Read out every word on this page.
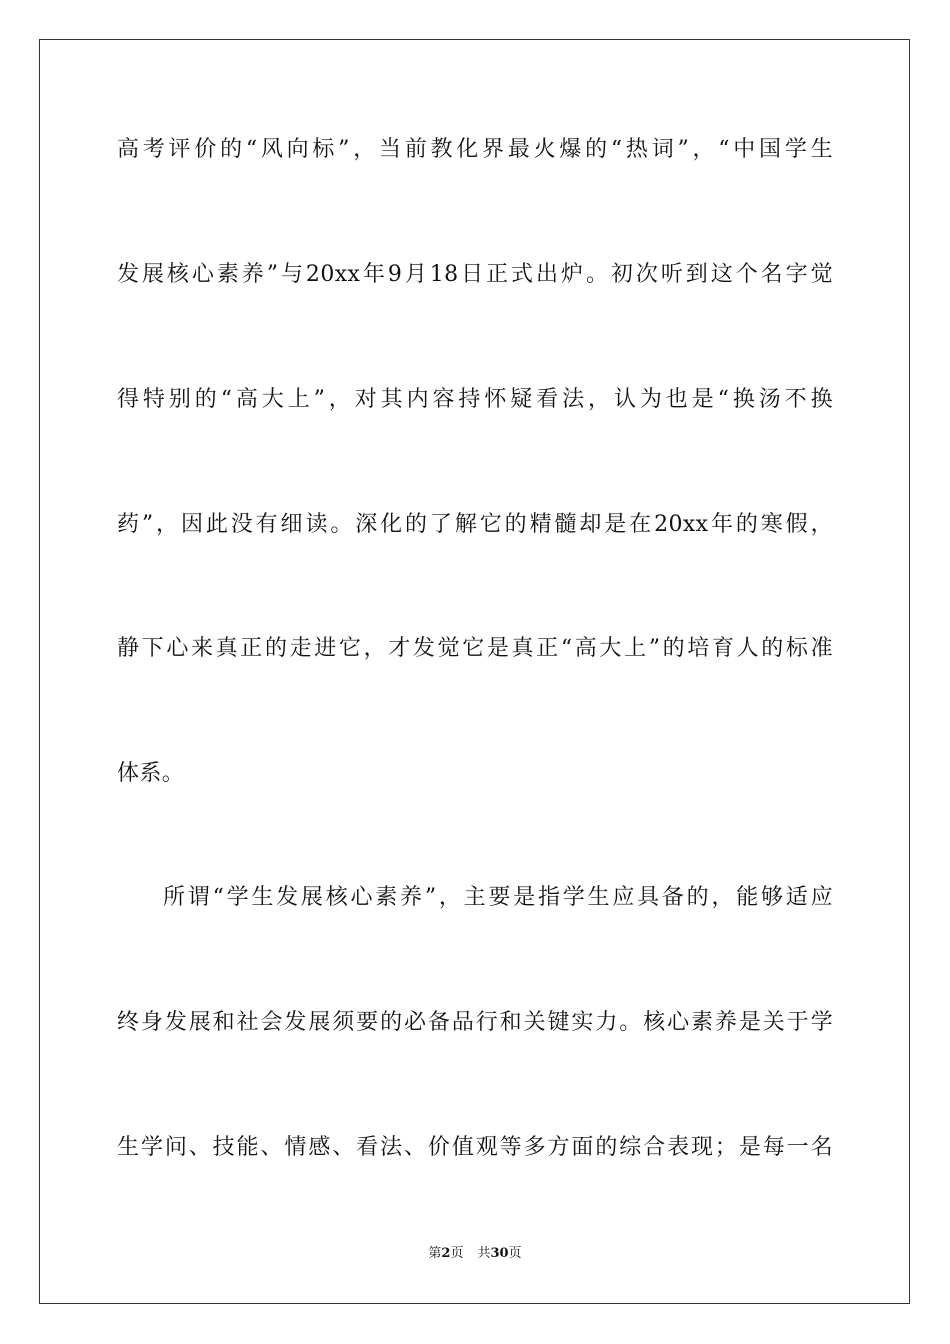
高考评价的“风向标”，当前教化界最火爆的“热词”，“中国学生
发展核心素养”与20xx年9月18日正式出炉。初次听到这个名字觉
得特别的“高大上”，对其内容持怀疑看法，认为也是“换汤不换
药”，因此没有细读。深化的了解它的精髓却是在20xx年的寒假，
静下心来真正的走进它，才发觉它是真正“高大上”的培育人的标准
体系。
所谓“学生发展核心素养”，主要是指学生应具备的，能够适应
终身发展和社会发展须要的必备品行和关键实力。核心素养是关于学
生学问、技能、情感、看法、价值观等多方面的综合表现；是每一名
第2页 共30页
